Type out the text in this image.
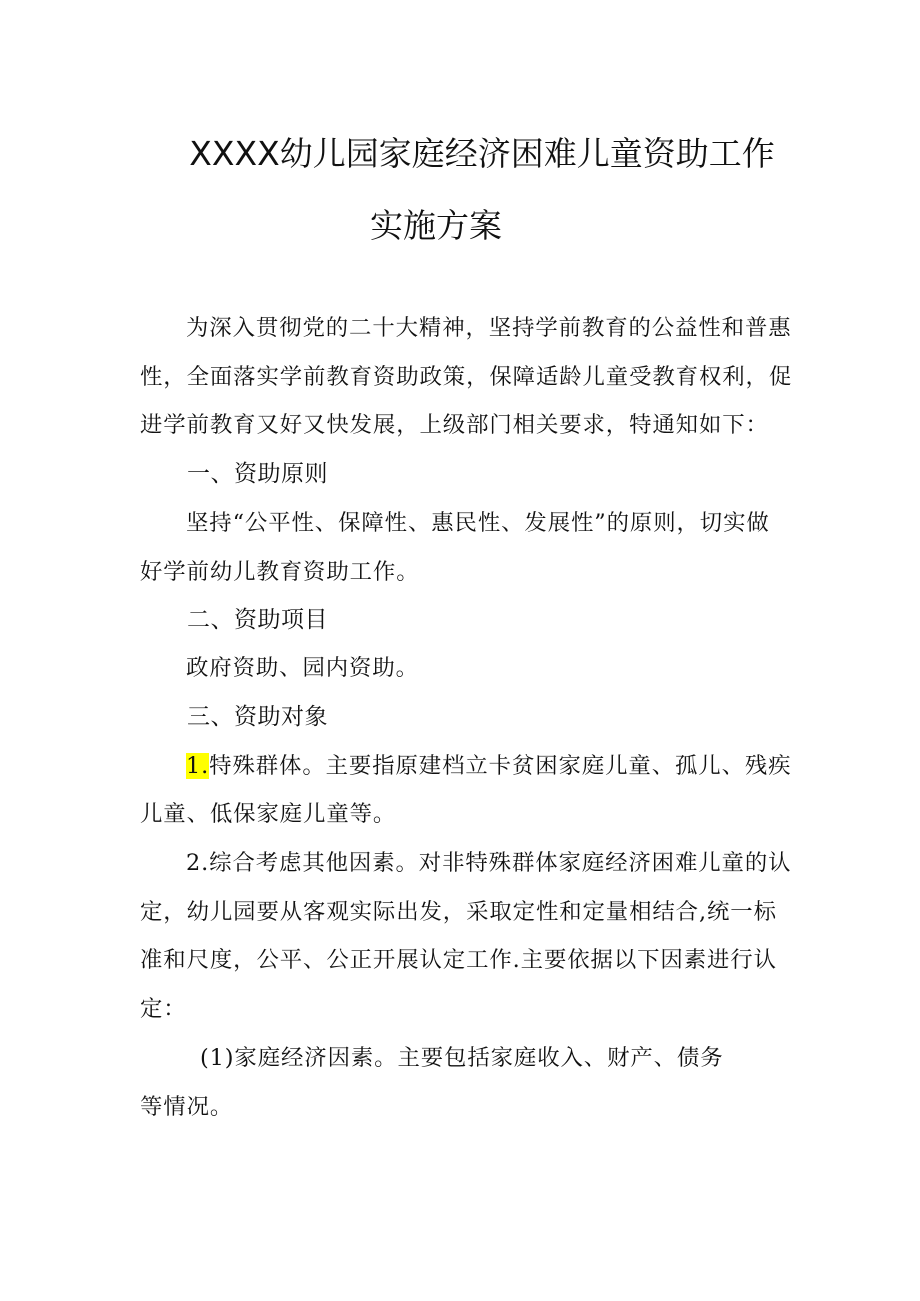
XXXX幼儿园家庭经济困难儿童资助工作
实施方案
为深入贯彻党的二十大精神，坚持学前教育的公益性和普惠
性，全面落实学前教育资助政策，保障适龄儿童受教育权利，促
进学前教育又好又快发展，上级部门相关要求，特通知如下：
一、资助原则
坚持“公平性、保障性、惠民性、发展性”的原则，切实做
好学前幼儿教育资助工作。
二、资助项目
政府资助、园内资助。
三、资助对象
1.特殊群体。主要指原建档立卡贫困家庭儿童、孤儿、残疾
儿童、低保家庭儿童等。
2.综合考虑其他因素。对非特殊群体家庭经济困难儿童的认
定，幼儿园要从客观实际出发，采取定性和定量相结合,统一标
准和尺度，公平、公正开展认定工作.主要依据以下因素进行认
定：
(1)家庭经济因素。主要包括家庭收入、财产、债务
等情况。
